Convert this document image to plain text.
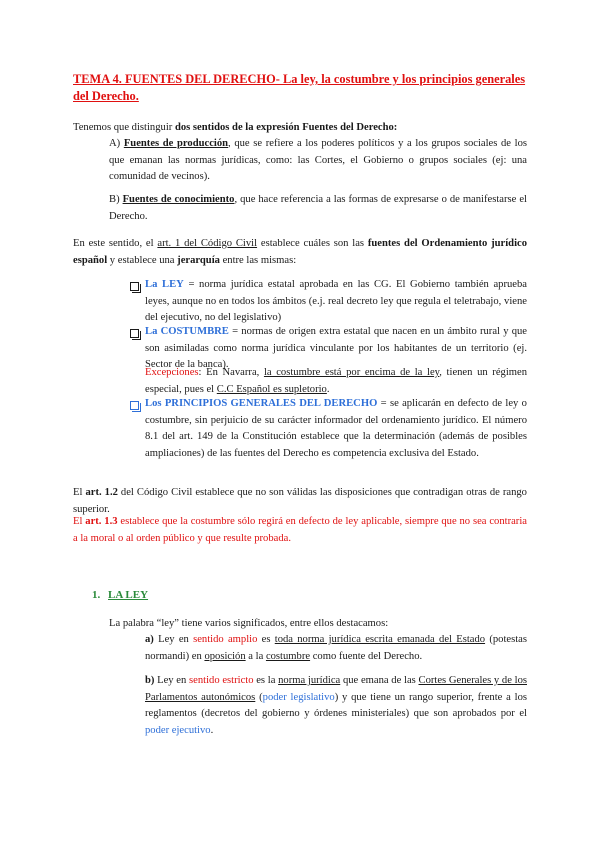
TEMA 4. FUENTES DEL DERECHO- La ley, la costumbre y los principios generales del Derecho.

Tenemos que distinguir dos sentidos de la expresión Fuentes del Derecho:

A) Fuentes de producción, que se refiere a los poderes políticos y a los grupos sociales de los que emanan las normas jurídicas, como: las Cortes, el Gobierno o grupos sociales (ej: una comunidad de vecinos).

B) Fuentes de conocimiento, que hace referencia a las formas de expresarse o de manifestarse el Derecho.

En este sentido, el art. 1 del Código Civil establece cuáles son las fuentes del Ordenamiento jurídico español y establece una jerarquía entre las mismas:

La LEY = norma jurídica estatal aprobada en las CG. El Gobierno también aprueba leyes, aunque no en todos los ámbitos (e.j. real decreto ley que regula el teletrabajo, viene del ejecutivo, no del legislativo)

La COSTUMBRE = normas de origen extra estatal que nacen en un ámbito rural y que son asimiladas como norma jurídica vinculante por los habitantes de un territorio (ej. Sector de la banca).

Excepciones: En Navarra, la costumbre está por encima de la ley, tienen un régimen especial, pues el C.C Español es supletorio.

Los PRINCIPIOS GENERALES DEL DERECHO = se aplicarán en defecto de ley o costumbre, sin perjuicio de su carácter informador del ordenamiento jurídico. El número 8.1 del art. 149 de la Constitución establece que la determinación (además de posibles ampliaciones) de las fuentes del Derecho es competencia exclusiva del Estado.

El art. 1.2 del Código Civil establece que no son válidas las disposiciones que contradigan otras de rango superior.

El art. 1.3 establece que la costumbre sólo regirá en defecto de ley aplicable, siempre que no sea contraria a la moral o al orden público y que resulte probada.

1. LA LEY

La palabra “ley” tiene varios significados, entre ellos destacamos:

a) Ley en sentido amplio es toda norma jurídica escrita emanada del Estado (potestas normandi) en oposición a la costumbre como fuente del Derecho.

b) Ley en sentido estricto es la norma jurídica que emana de las Cortes Generales y de los Parlamentos autonómicos (poder legislativo) y que tiene un rango superior, frente a los reglamentos (decretos del gobierno y órdenes ministeriales) que son aprobados por el poder ejecutivo.
